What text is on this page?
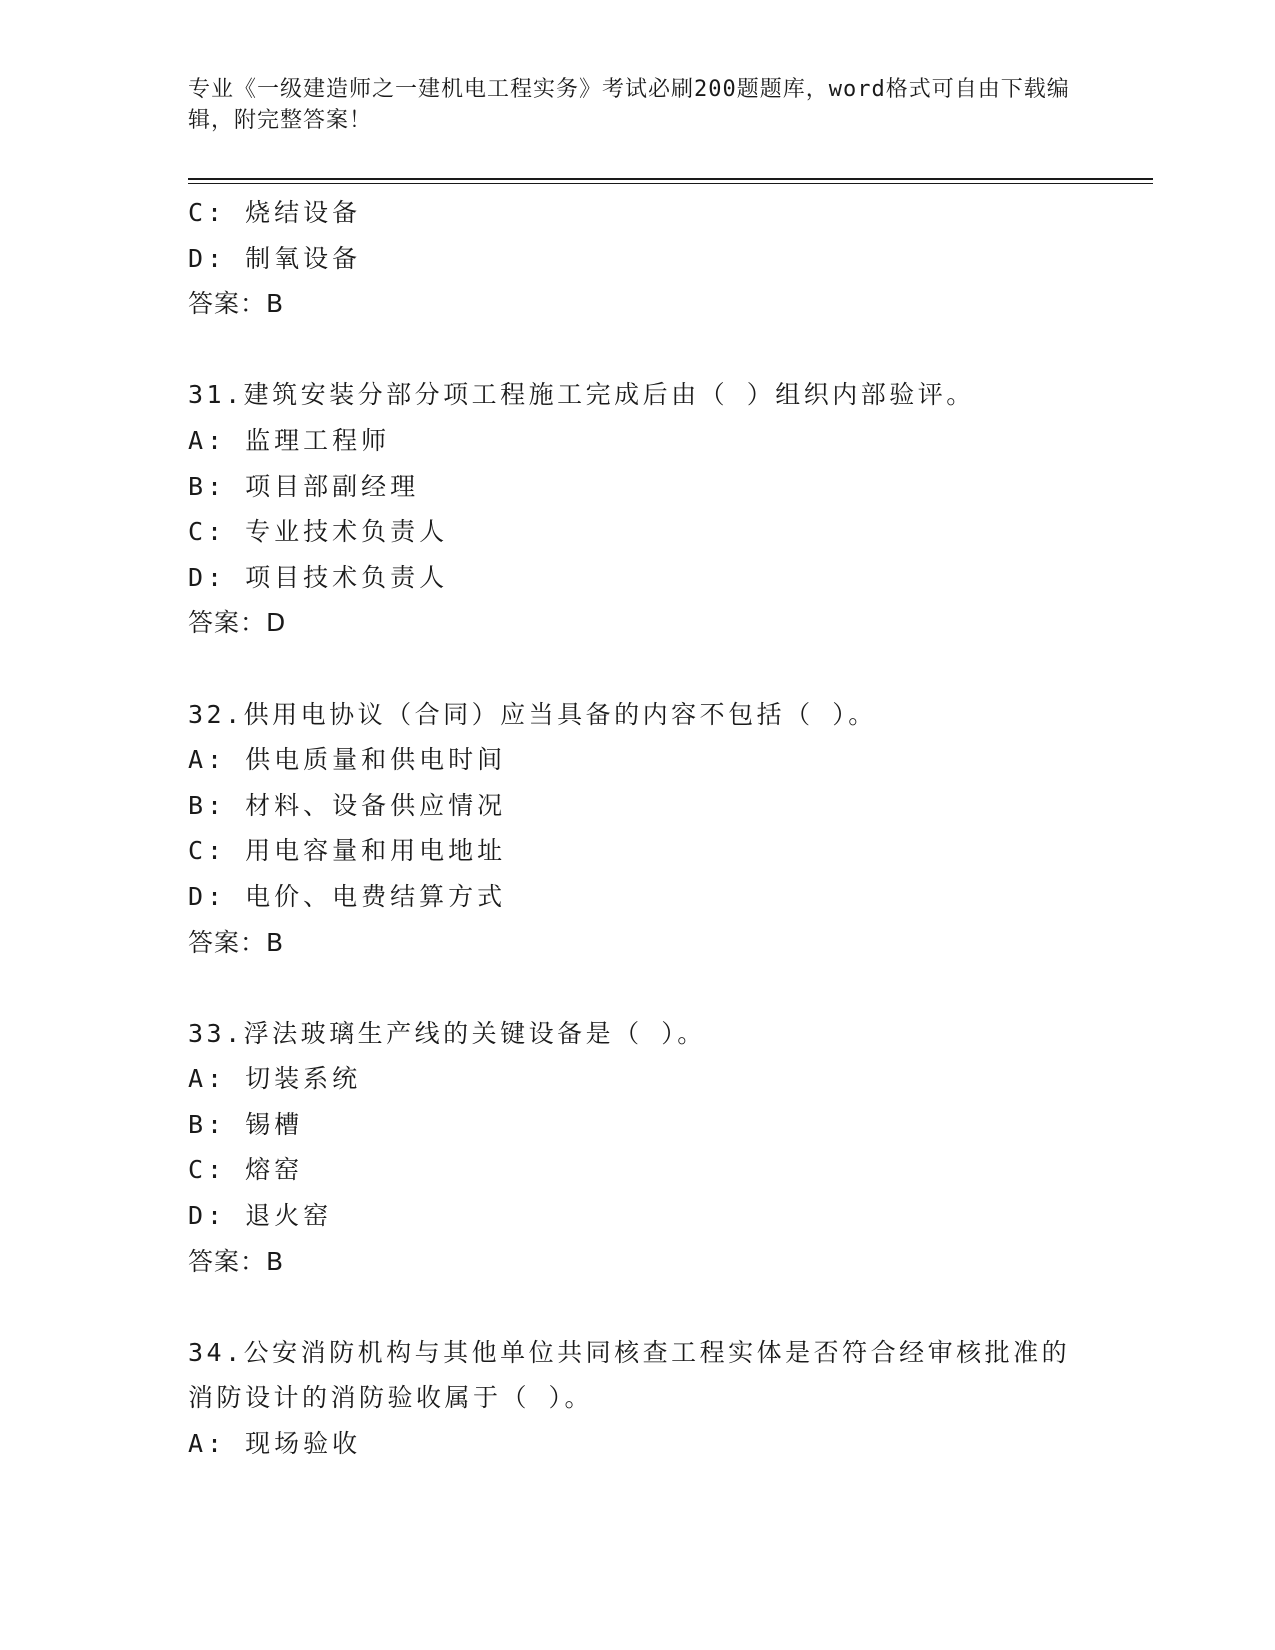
专业《一级建造师之一建机电工程实务》考试必刷200题题库，word格式可自由下载编辑，附完整答案！
C: 烧结设备
D: 制氧设备
答案：B
31.建筑安装分部分项工程施工完成后由（ ）组织内部验评。
A: 监理工程师
B: 项目部副经理
C: 专业技术负责人
D: 项目技术负责人
答案：D
32.供用电协议（合同）应当具备的内容不包括（ ）。
A: 供电质量和供电时间
B: 材料、设备供应情况
C: 用电容量和用电地址
D: 电价、电费结算方式
答案：B
33.浮法玻璃生产线的关键设备是（ ）。
A: 切装系统
B: 锡槽
C: 熔窑
D: 退火窑
答案：B
34.公安消防机构与其他单位共同核查工程实体是否符合经审核批准的消防设计的消防验收属于（ ）。
A: 现场验收
